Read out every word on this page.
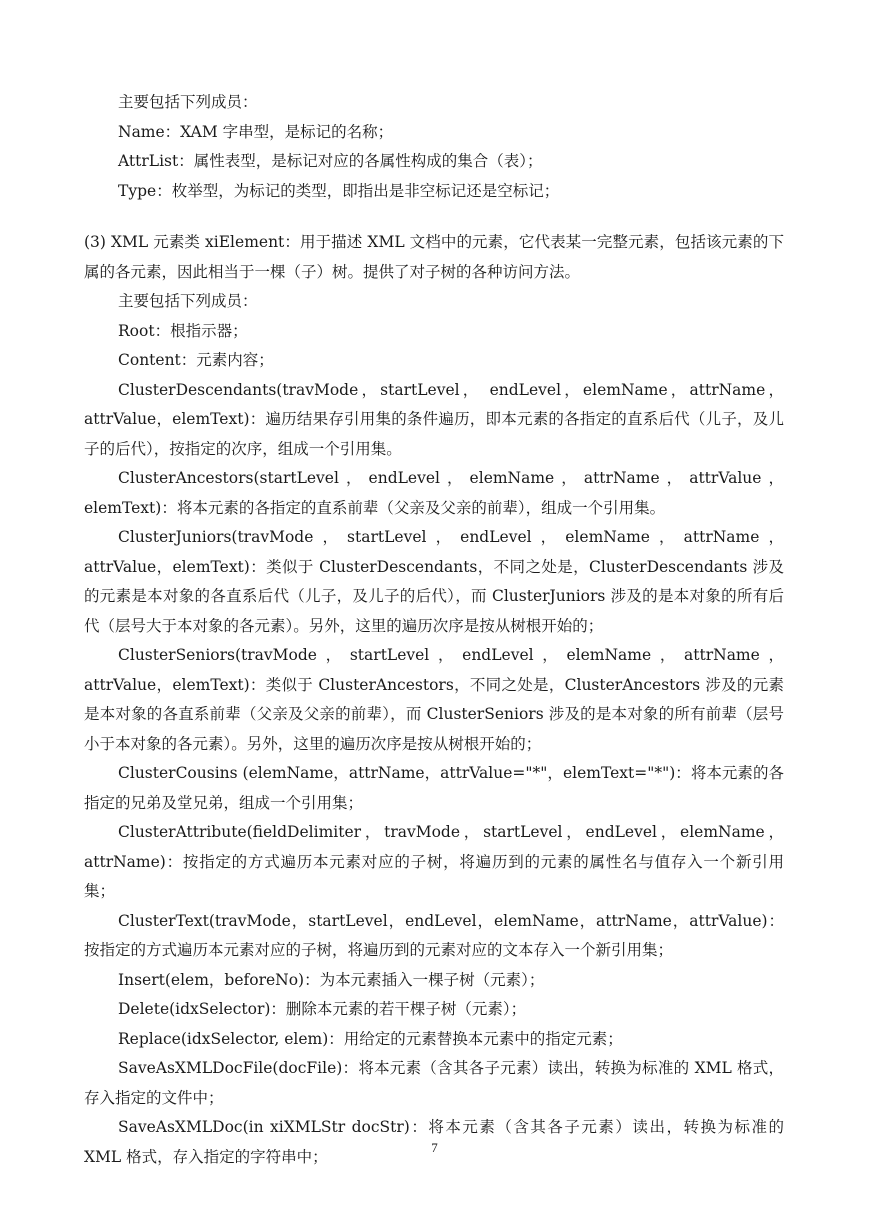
主要包括下列成员：

Name：XAM 字串型，是标记的名称；

AttrList：属性表型，是标记对应的各属性构成的集合（表）；

Type：枚举型，为标记的类型，即指出是非空标记还是空标记；

(3) XML 元素类 xiElement：用于描述 XML 文档中的元素，它代表某一完整元素，包括该元素的下属的各元素，因此相当于一棵（子）树。提供了对子树的各种访问方法。

主要包括下列成员：

Root：根指示器；

Content：元素内容；

ClusterDescendants(travMode，startLevel， endLevel，elemName，attrName，attrValue，elemText)：遍历结果存引用集的条件遍历，即本元素的各指定的直系后代（儿子，及儿子的后代），按指定的次序，组成一个引用集。

ClusterAncestors(startLevel，endLevel，elemName，attrName，attrValue，elemText)：将本元素的各指定的直系前辈（父亲及父亲的前辈），组成一个引用集。

ClusterJuniors(travMode，startLevel，endLevel，elemName，attrName，attrValue，elemText)：类似于 ClusterDescendants，不同之处是，ClusterDescendants 涉及的元素是本对象的各直系后代（儿子，及儿子的后代），而 ClusterJuniors 涉及的是本对象的所有后代（层号大于本对象的各元素）。另外，这里的遍历次序是按从树根开始的；

ClusterSeniors(travMode，startLevel，endLevel，elemName，attrName，attrValue，elemText)：类似于 ClusterAncestors，不同之处是，ClusterAncestors 涉及的元素是本对象的各直系前辈（父亲及父亲的前辈），而 ClusterSeniors 涉及的是本对象的所有前辈（层号小于本对象的各元素）。另外，这里的遍历次序是按从树根开始的；

ClusterCousins (elemName，attrName，attrValue="*"，elemText="*")：将本元素的各指定的兄弟及堂兄弟，组成一个引用集；

ClusterAttribute(fieldDelimiter，travMode，startLevel，endLevel，elemName，attrName)：按指定的方式遍历本元素对应的子树，将遍历到的元素的属性名与值存入一个新引用集；

ClusterText(travMode，startLevel，endLevel，elemName，attrName，attrValue)：按指定的方式遍历本元素对应的子树，将遍历到的元素对应的文本存入一个新引用集；

Insert(elem，beforeNo)：为本元素插入一棵子树（元素）；

Delete(idxSelector)：删除本元素的若干棵子树（元素）；

Replace(idxSelector, elem)：用给定的元素替换本元素中的指定元素；

SaveAsXMLDocFile(docFile)：将本元素（含其各子元素）读出，转换为标准的 XML 格式，存入指定的文件中；

SaveAsXMLDoc(in xiXMLStr docStr)：将本元素（含其各子元素）读出，转换为标准的 XML 格式，存入指定的字符串中；	7
